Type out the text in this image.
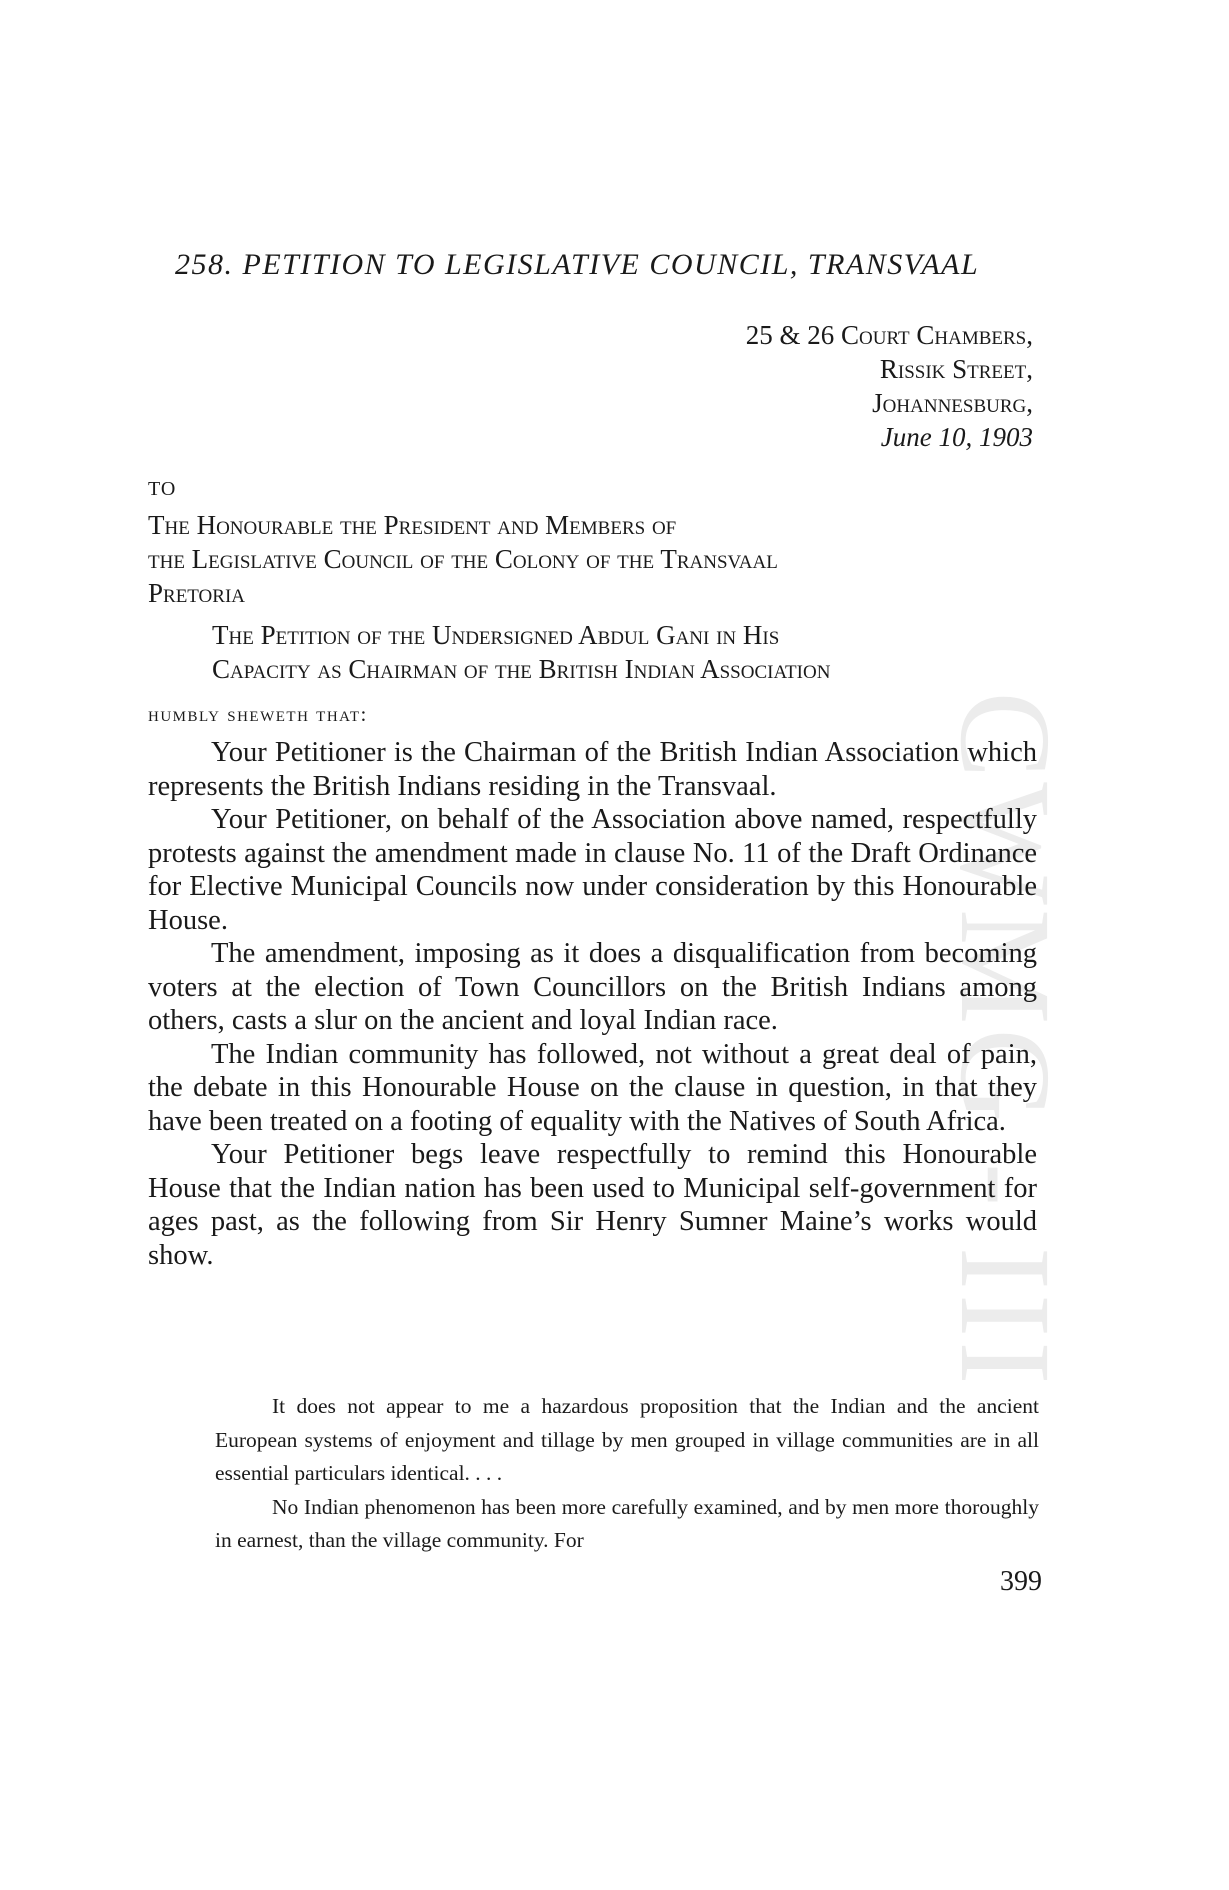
CWMG - III
258. PETITION TO LEGISLATIVE COUNCIL, TRANSVAAL
25 & 26 Court Chambers,
Rissik Street,
Johannesburg,
June 10, 1903
TO
The Honourable the President and Members of
the Legislative Council of the Colony of the Transvaal
Pretoria
The Petition of the Undersigned Abdul Gani in His
Capacity as Chairman of the British Indian Association
humbly sheweth that:

Your Petitioner is the Chairman of the British Indian Association which represents the British Indians residing in the Transvaal.

Your Petitioner, on behalf of the Association above named, respectfully protests against the amendment made in clause No. 11 of the Draft Ordinance for Elective Municipal Councils now under consideration by this Honourable House.

The amendment, imposing as it does a disqualification from becoming voters at the election of Town Councillors on the British Indians among others, casts a slur on the ancient and loyal Indian race.

The Indian community has followed, not without a great deal of pain, the debate in this Honourable House on the clause in question, in that they have been treated on a footing of equality with the Natives of South Africa.

Your Petitioner begs leave respectfully to remind this Honourable House that the Indian nation has been used to Municipal self-government for ages past, as the following from Sir Henry Sumner Maine’s works would show.

It does not appear to me a hazardous proposition that the Indian and the ancient European systems of enjoyment and tillage by men grouped in village communities are in all essential particulars identical. . . .

No Indian phenomenon has been more carefully examined, and by men more thoroughly in earnest, than the village community. For

399
